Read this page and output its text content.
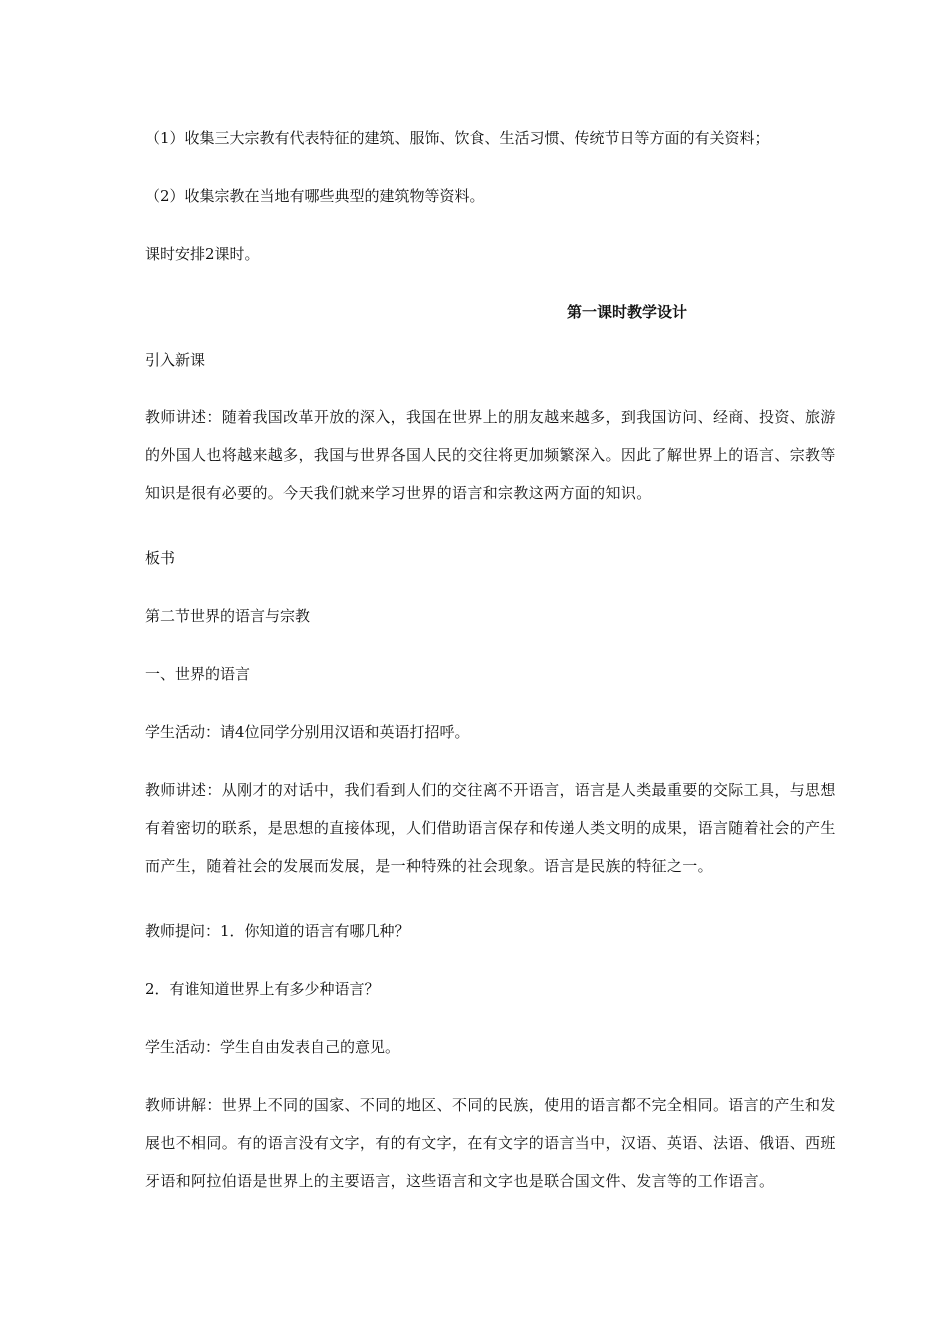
（1）收集三大宗教有代表特征的建筑、服饰、饮食、生活习惯、传统节日等方面的有关资料；
（2）收集宗教在当地有哪些典型的建筑物等资料。
课时安排2课时。
第一课时教学设计
引入新课
教师讲述：随着我国改革开放的深入，我国在世界上的朋友越来越多，到我国访问、经商、投资、旅游
的外国人也将越来越多，我国与世界各国人民的交往将更加频繁深入。因此了解世界上的语言、宗教等
知识是很有必要的。今天我们就来学习世界的语言和宗教这两方面的知识。
板书
第二节世界的语言与宗教
一、世界的语言
学生活动：请4位同学分别用汉语和英语打招呼。
教师讲述：从刚才的对话中，我们看到人们的交往离不开语言，语言是人类最重要的交际工具，与思想
有着密切的联系，是思想的直接体现，人们借助语言保存和传递人类文明的成果，语言随着社会的产生
而产生，随着社会的发展而发展，是一种特殊的社会现象。语言是民族的特征之一。
教师提问：1．你知道的语言有哪几种？
2．有谁知道世界上有多少种语言？
学生活动：学生自由发表自己的意见。
教师讲解：世界上不同的国家、不同的地区、不同的民族，使用的语言都不完全相同。语言的产生和发
展也不相同。有的语言没有文字，有的有文字，在有文字的语言当中，汉语、英语、法语、俄语、西班
牙语和阿拉伯语是世界上的主要语言，这些语言和文字也是联合国文件、发言等的工作语言。
